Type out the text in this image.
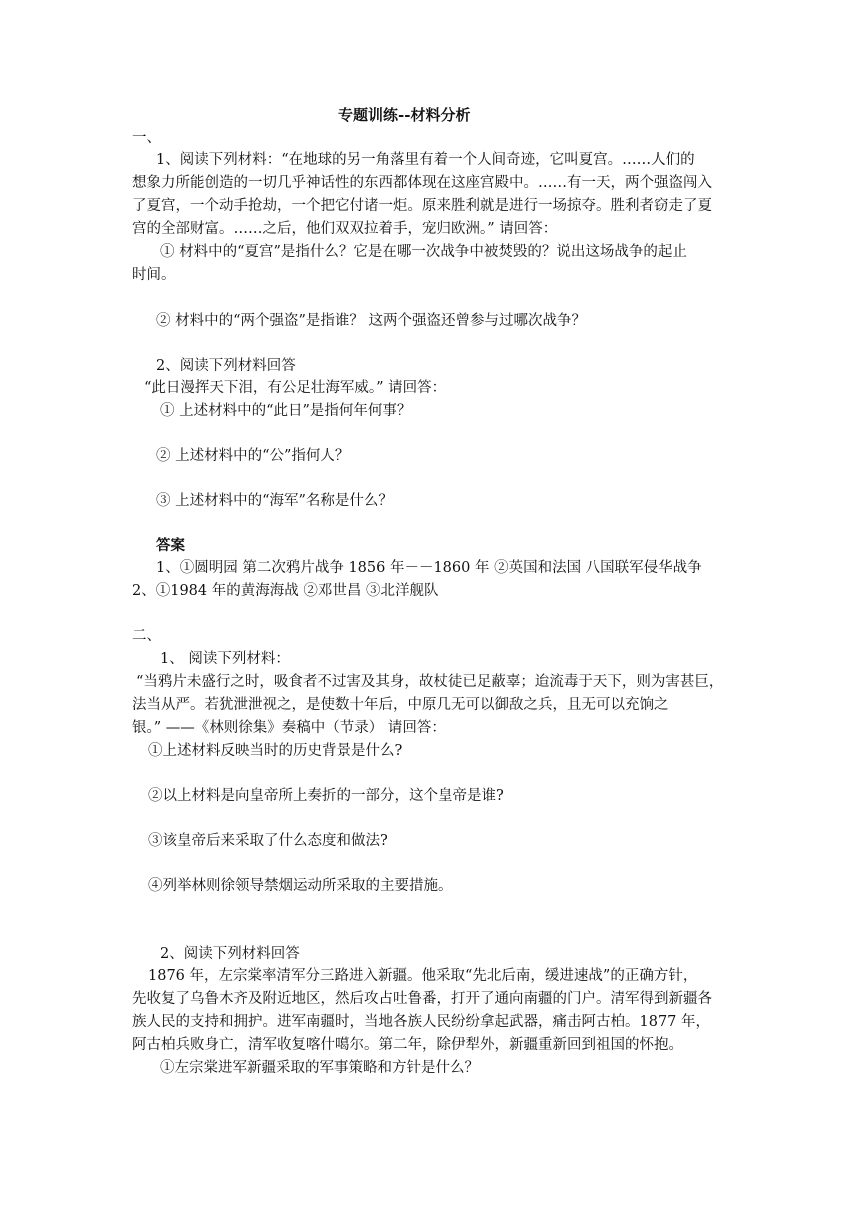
专题训练--材料分析
一、
1、阅读下列材料：“在地球的另一角落里有着一个人间奇迹，它叫夏宫。……人们的
想象力所能创造的一切几乎神话性的东西都体现在这座宫殿中。……有一天，两个强盗闯入
了夏宫，一个动手抢劫，一个把它付诸一炬。原来胜利就是进行一场掠夺。胜利者窃走了夏
宫的全部财富。……之后，他们双双拉着手，宠归欧洲。” 请回答：
① 材料中的“夏宫”是指什么？它是在哪一次战争中被焚毁的？说出这场战争的起止
时间。
② 材料中的“两个强盗”是指谁？ 这两个强盗还曾参与过哪次战争？
2、阅读下列材料回答
“此日漫挥天下泪，有公足壮海军威。” 请回答：
① 上述材料中的“此日”是指何年何事？
② 上述材料中的“公”指何人？
③ 上述材料中的“海军”名称是什么？
答案
1、①圆明园 第二次鸦片战争 1856 年－－1860 年 ②英国和法国 八国联军侵华战争
2、①1984 年的黄海海战 ②邓世昌 ③北洋舰队
二、
1、 阅读下列材料：
“当鸦片未盛行之时，吸食者不过害及其身，故杖徒已足蔽辜；迨流毒于天下，则为害甚巨，
法当从严。若犹泄泄视之，是使数十年后，中原几无可以御敌之兵，且无可以充饷之
银。” ——《林则徐集》奏稿中（节录） 请回答：
①上述材料反映当时的历史背景是什么?
②以上材料是向皇帝所上奏折的一部分，这个皇帝是谁?
③该皇帝后来采取了什么态度和做法?
④列举林则徐领导禁烟运动所采取的主要措施。
2、阅读下列材料回答
1876 年，左宗棠率清军分三路进入新疆。他采取“先北后南，缓进速战”的正确方针，
先收复了乌鲁木齐及附近地区，然后攻占吐鲁番，打开了通向南疆的门户。清军得到新疆各
族人民的支持和拥护。进军南疆时，当地各族人民纷纷拿起武器，痛击阿古柏。1877 年，
阿古柏兵败身亡，清军收复喀什噶尔。第二年，除伊犁外，新疆重新回到祖国的怀抱。
①左宗棠进军新疆采取的军事策略和方针是什么？
